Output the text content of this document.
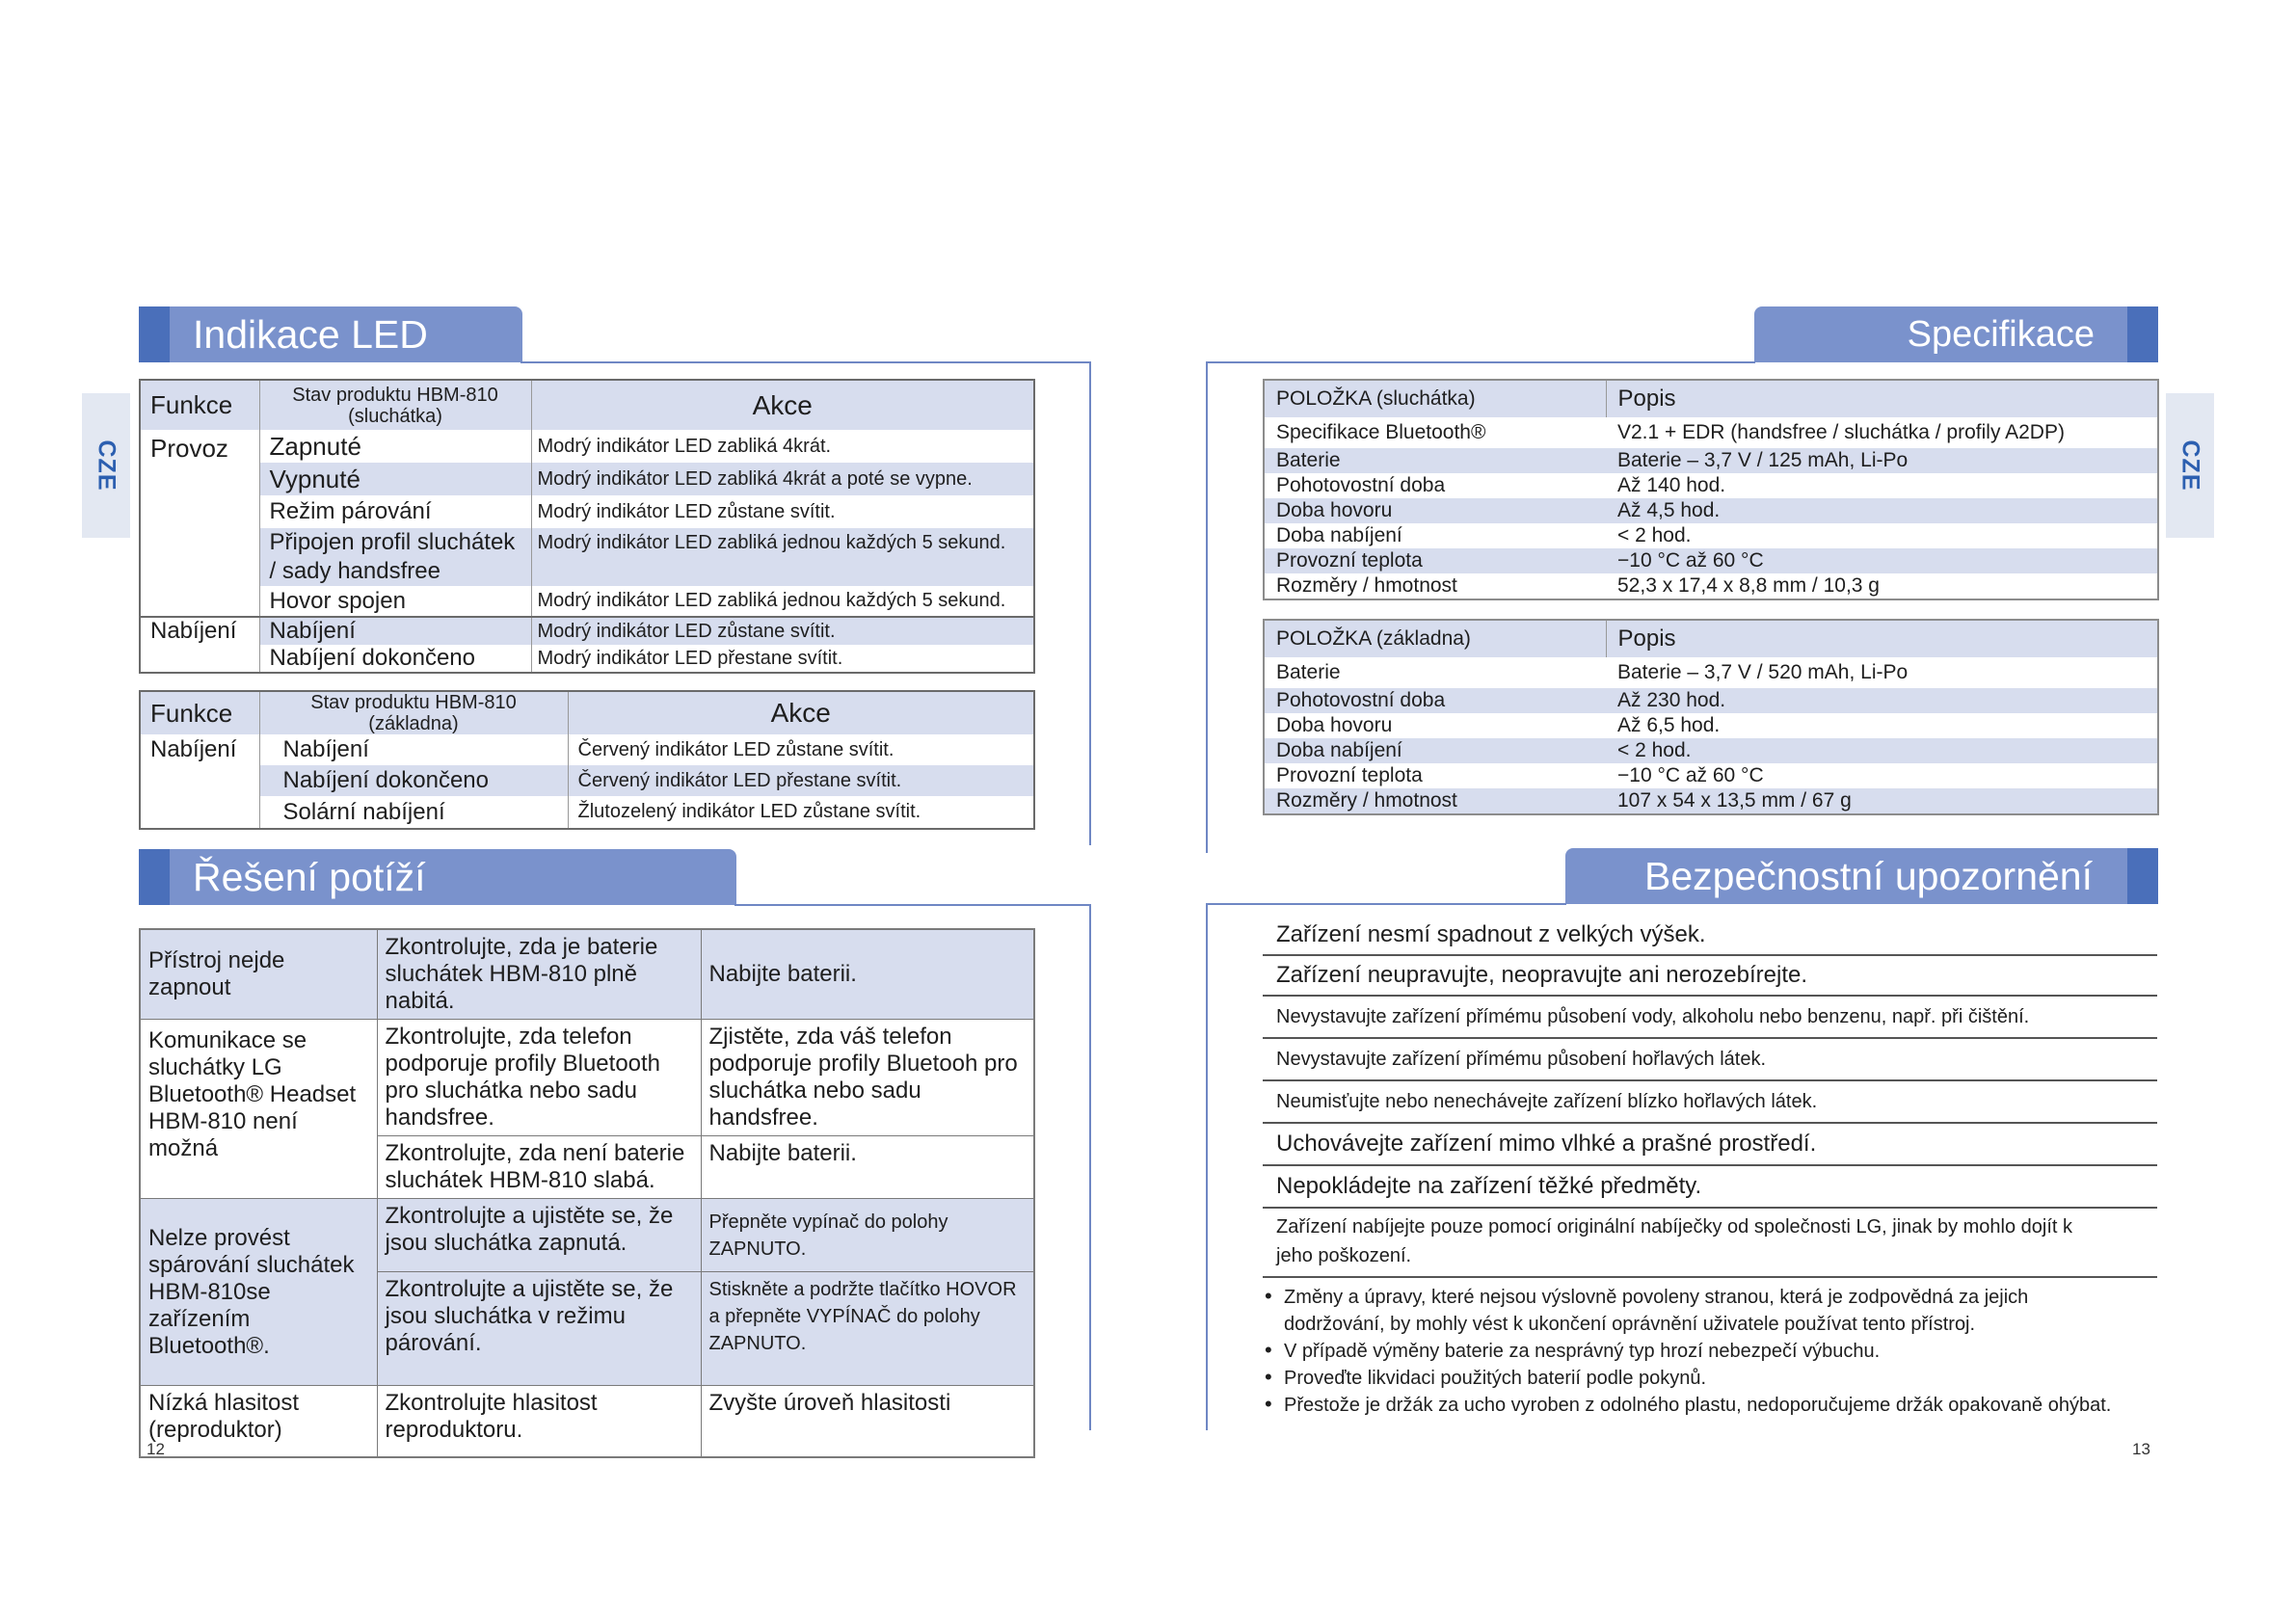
CZE	CZE
Indikace LED
Funkce	Stav produktu HBM-810 (sluchátka)	Akce
Provoz	Zapnuté	Modrý indikátor LED zabliká 4krát.
	Vypnuté	Modrý indikátor LED zabliká 4krát a poté se vypne.
	Režim párování	Modrý indikátor LED zůstane svítit.
	Připojen profil sluchátek / sady handsfree	Modrý indikátor LED zabliká jednou každých 5 sekund.
	Hovor spojen	Modrý indikátor LED zabliká jednou každých 5 sekund.
Nabíjení	Nabíjení	Modrý indikátor LED zůstane svítit.
	Nabíjení dokončeno	Modrý indikátor LED přestane svítit.
Funkce	Stav produktu HBM-810 (základna)	Akce
Nabíjení	Nabíjení	Červený indikátor LED zůstane svítit.
	Nabíjení dokončeno	Červený indikátor LED přestane svítit.
	Solární nabíjení	Žlutozelený indikátor LED zůstane svítit.
Řešení potíží
Přístroj nejde zapnout	Zkontrolujte, zda je baterie sluchátek HBM-810 plně nabitá.	Nabijte baterii.
Komunikace se sluchátky LG Bluetooth® Headset HBM-810 není možná	Zkontrolujte, zda telefon podporuje profily Bluetooth pro sluchátka nebo sadu handsfree.	Zjistěte, zda váš telefon podporuje profily Bluetooh pro sluchátka nebo sadu handsfree.
	Zkontrolujte, zda není baterie sluchátek HBM-810 slabá.	Nabijte baterii.
Nelze provést spárování sluchátek HBM-810se zařízením Bluetooth®.	Zkontrolujte a ujistěte se, že jsou sluchátka zapnutá.	Přepněte vypínač do polohy ZAPNUTO.
	Zkontrolujte a ujistěte se, že jsou sluchátka v režimu párování.	Stiskněte a podržte tlačítko HOVOR a přepněte VYPÍNAČ do polohy ZAPNUTO.
Nízká hlasitost (reproduktor)	Zkontrolujte hlasitost reproduktoru.	Zvyšte úroveň hlasitosti
12
Specifikace
POLOŽKA (sluchátka)	Popis
Specifikace Bluetooth®	V2.1 + EDR (handsfree / sluchátka / profily A2DP)
Baterie	Baterie – 3,7 V / 125 mAh, Li-Po
Pohotovostní doba	Až 140 hod.
Doba hovoru	Až 4,5 hod.
Doba nabíjení	< 2 hod.
Provozní teplota	−10 °C až 60 °C
Rozměry / hmotnost	52,3 x 17,4 x 8,8 mm / 10,3 g
POLOŽKA (základna)	Popis
Baterie	Baterie – 3,7 V / 520 mAh, Li-Po
Pohotovostní doba	Až 230 hod.
Doba hovoru	Až 6,5 hod.
Doba nabíjení	< 2 hod.
Provozní teplota	−10 °C až 60 °C
Rozměry / hmotnost	107 x 54 x 13,5 mm / 67 g
Bezpečnostní upozornění
Zařízení nesmí spadnout z velkých výšek.
Zařízení neupravujte, neopravujte ani nerozebírejte.
Nevystavujte zařízení přímému působení vody, alkoholu nebo benzenu, např. při čištění.
Nevystavujte zařízení přímému působení hořlavých látek.
Neumisťujte nebo nenechávejte zařízení blízko hořlavých látek.
Uchovávejte zařízení mimo vlhké a prašné prostředí.
Nepokládejte na zařízení těžké předměty.
Zařízení nabíjejte pouze pomocí originální nabíječky od společnosti LG, jinak by mohlo dojít k jeho poškození.
• Změny a úpravy, které nejsou výslovně povoleny stranou, která je zodpovědná za jejich dodržování, by mohly vést k ukončení oprávnění uživatele používat tento přístroj.
• V případě výměny baterie za nesprávný typ hrozí nebezpečí výbuchu.
• Proveďte likvidaci použitých baterií podle pokynů.
• Přestože je držák za ucho vyroben z odolného plastu, nedoporučujeme držák opakovaně ohýbat.
13
